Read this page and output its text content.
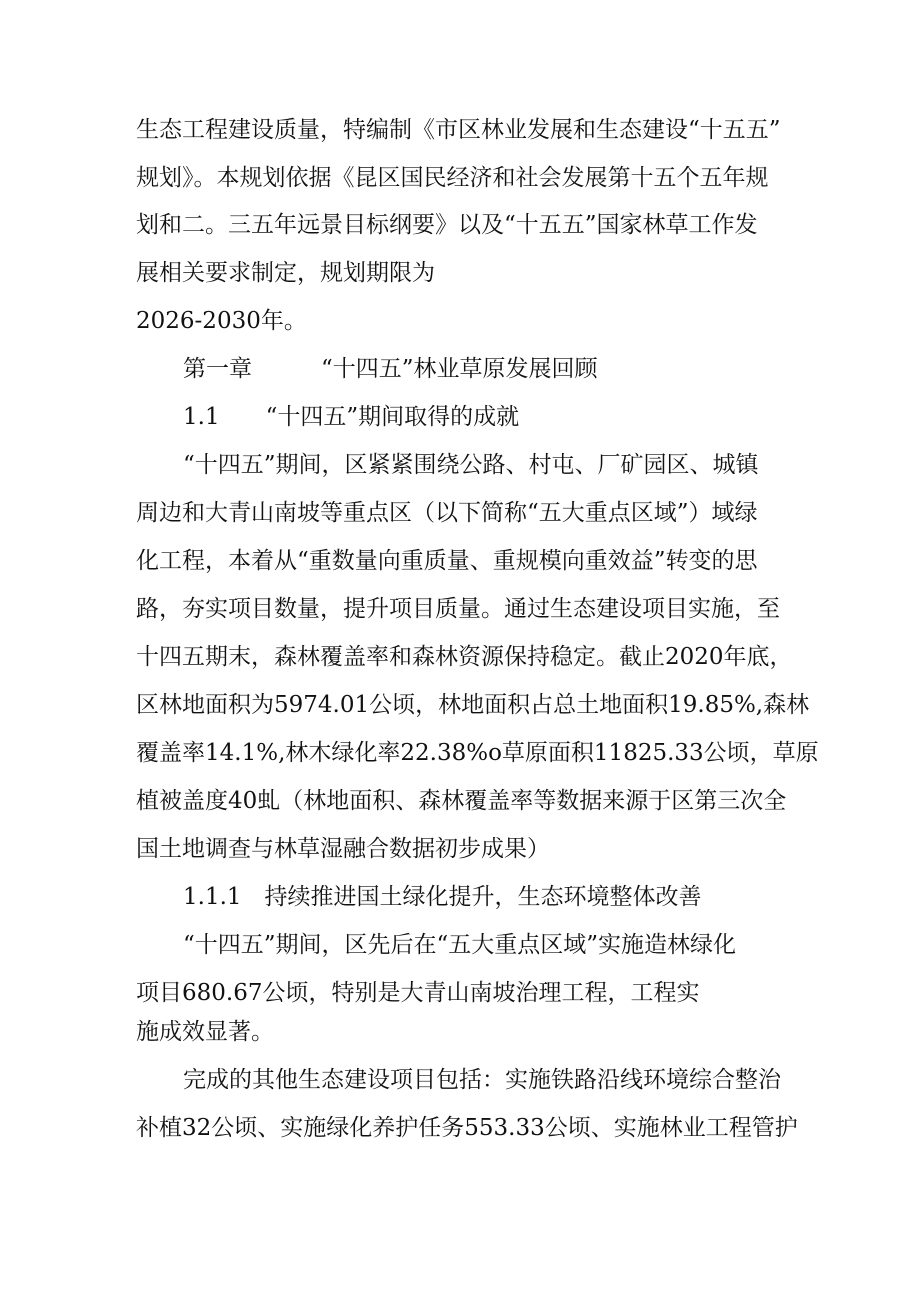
生态工程建设质量，特编制《市区林业发展和生态建设“十五五”
规划》。本规划依据《昆区国民经济和社会发展第十五个五年规
划和二。三五年远景目标纲要》以及“十五五”国家林草工作发
展相关要求制定，规划期限为
2026-2030年。
第一章　　　“十四五”林业草原发展回顾
1.1　　“十四五”期间取得的成就
“十四五”期间，区紧紧围绕公路、村屯、厂矿园区、城镇
周边和大青山南坡等重点区（以下简称“五大重点区域”）域绿
化工程，本着从“重数量向重质量、重规模向重效益”转变的思
路，夯实项目数量，提升项目质量。通过生态建设项目实施，至
十四五期末，森林覆盖率和森林资源保持稳定。截止2020年底，
区林地面积为5974.01公顷，林地面积占总土地面积19.85%,森林
覆盖率14.1%,林木绿化率22.38%o草原面积11825.33公顷，草原
植被盖度40虬（林地面积、森林覆盖率等数据来源于区第三次全
国土地调查与林草湿融合数据初步成果）
1.1.1　持续推进国土绿化提升，生态环境整体改善
“十四五”期间，区先后在“五大重点区域”实施造林绿化
项目680.67公顷，特别是大青山南坡治理工程，工程实
施成效显著。
完成的其他生态建设项目包括：实施铁路沿线环境综合整治
补植32公顷、实施绿化养护任务553.33公顷、实施林业工程管护
